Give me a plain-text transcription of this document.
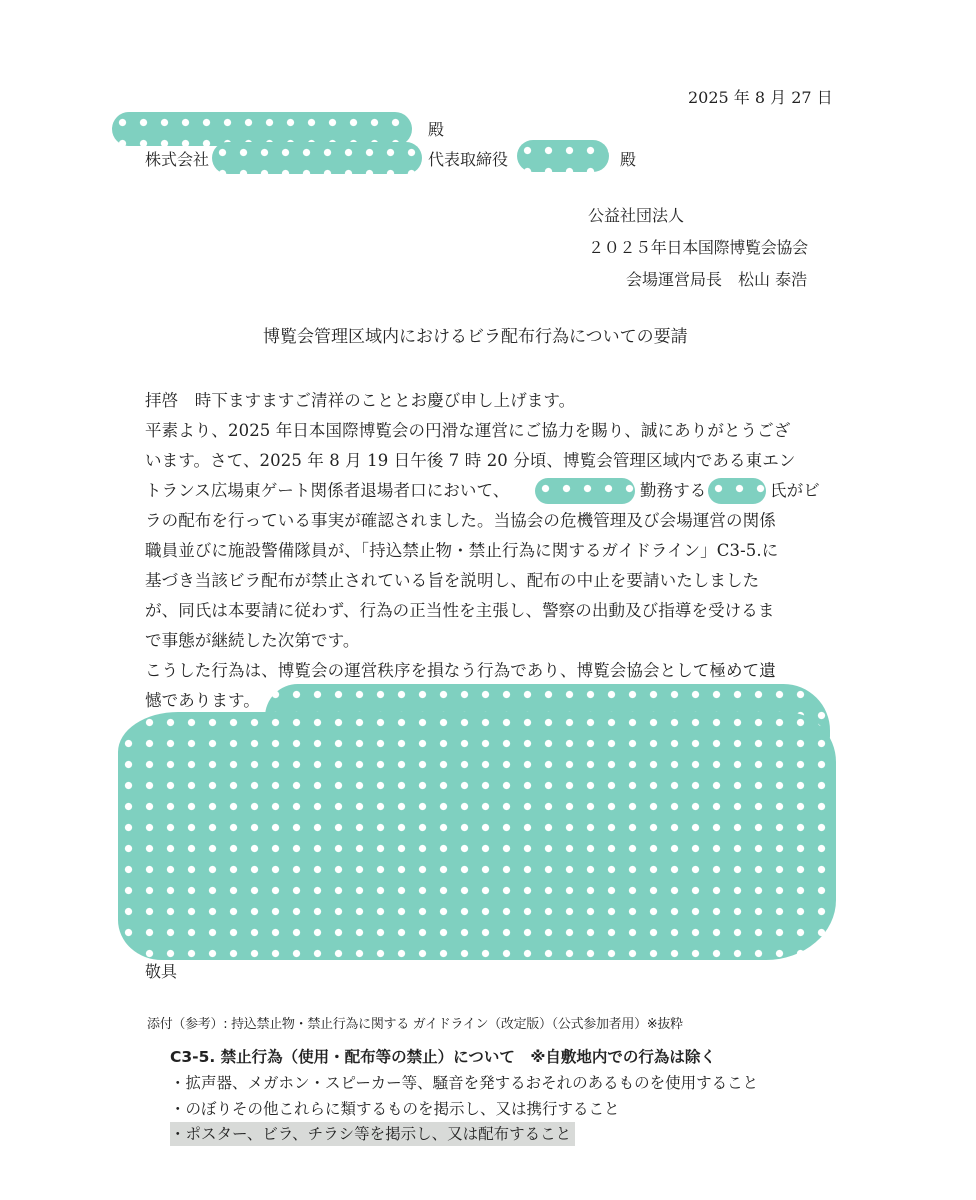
2025 年 8 月 27 日
殿
株式会社	代表取締役	殿
公益社団法人
２０２５年日本国際博覧会協会
会場運営局長　松山 泰浩
博覧会管理区域内におけるビラ配布行為についての要請
拝啓　時下ますますご清祥のこととお慶び申し上げます。
平素より、2025 年日本国際博覧会の円滑な運営にご協力を賜り、誠にありがとうござ
います。さて、2025 年 8 月 19 日午後 7 時 20 分頃、博覧会管理区域内である東エン
トランス広場東ゲート関係者退場者口において、	勤務する	氏がビ
ラの配布を行っている事実が確認されました。当協会の危機管理及び会場運営の関係
職員並びに施設警備隊員が、「持込禁止物・禁止行為に関するガイドライン」C3-5.に
基づき当該ビラ配布が禁止されている旨を説明し、配布の中止を要請いたしました
が、同氏は本要請に従わず、行為の正当性を主張し、警察の出動及び指導を受けるま
で事態が継続した次第です。
こうした行為は、博覧会の運営秩序を損なう行為であり、博覧会協会として極めて遺
憾であります。
敬具
添付（参考）: 持込禁止物・禁止行為に関する ガイドライン（改定版）（公式参加者用）※抜粋
C3-5. 禁止行為（使用・配布等の禁止）について　※自敷地内での行為は除く
・拡声器、メガホン・スピーカー等、騒音を発するおそれのあるものを使用すること
・のぼりその他これらに類するものを掲示し、又は携行すること
・ポスター、ビラ、チラシ等を掲示し、又は配布すること
